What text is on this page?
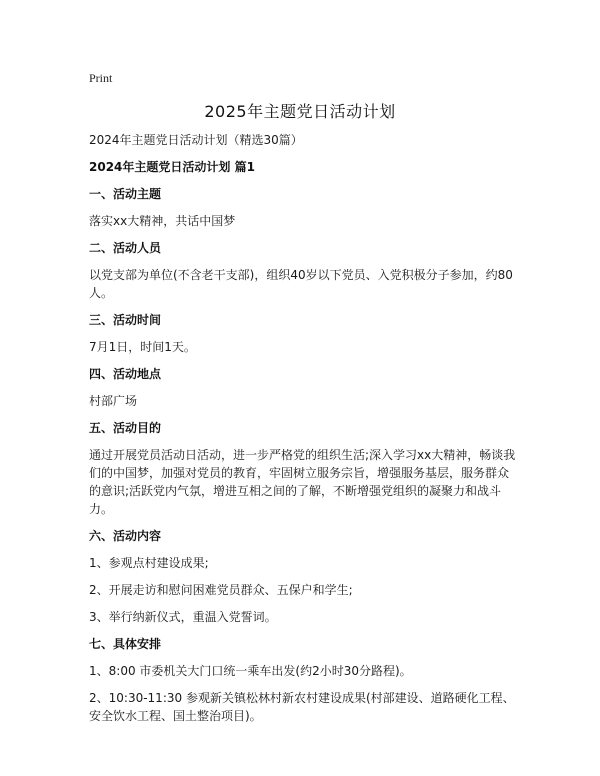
Print
2025年主题党日活动计划
2024年主题党日活动计划（精选30篇）
2024年主题党日活动计划 篇1
一、活动主题
落实xx大精神，共话中国梦
二、活动人员
以党支部为单位(不含老干支部)，组织40岁以下党员、入党积极分子参加，约80人。
三、活动时间
7月1日，时间1天。
四、活动地点
村部广场
五、活动目的
通过开展党员活动日活动，进一步严格党的组织生活;深入学习xx大精神，畅谈我们的中国梦，加强对党员的教育，牢固树立服务宗旨，增强服务基层，服务群众的意识;活跃党内气氛，增进互相之间的了解，不断增强党组织的凝聚力和战斗力。
六、活动内容
1、参观点村建设成果;
2、开展走访和慰问困难党员群众、五保户和学生;
3、举行纳新仪式，重温入党誓词。
七、具体安排
1、8:00 市委机关大门口统一乘车出发(约2小时30分路程)。
2、10:30-11:30 参观新关镇松林村新农村建设成果(村部建设、道路硬化工程、安全饮水工程、国土整治项目)。
